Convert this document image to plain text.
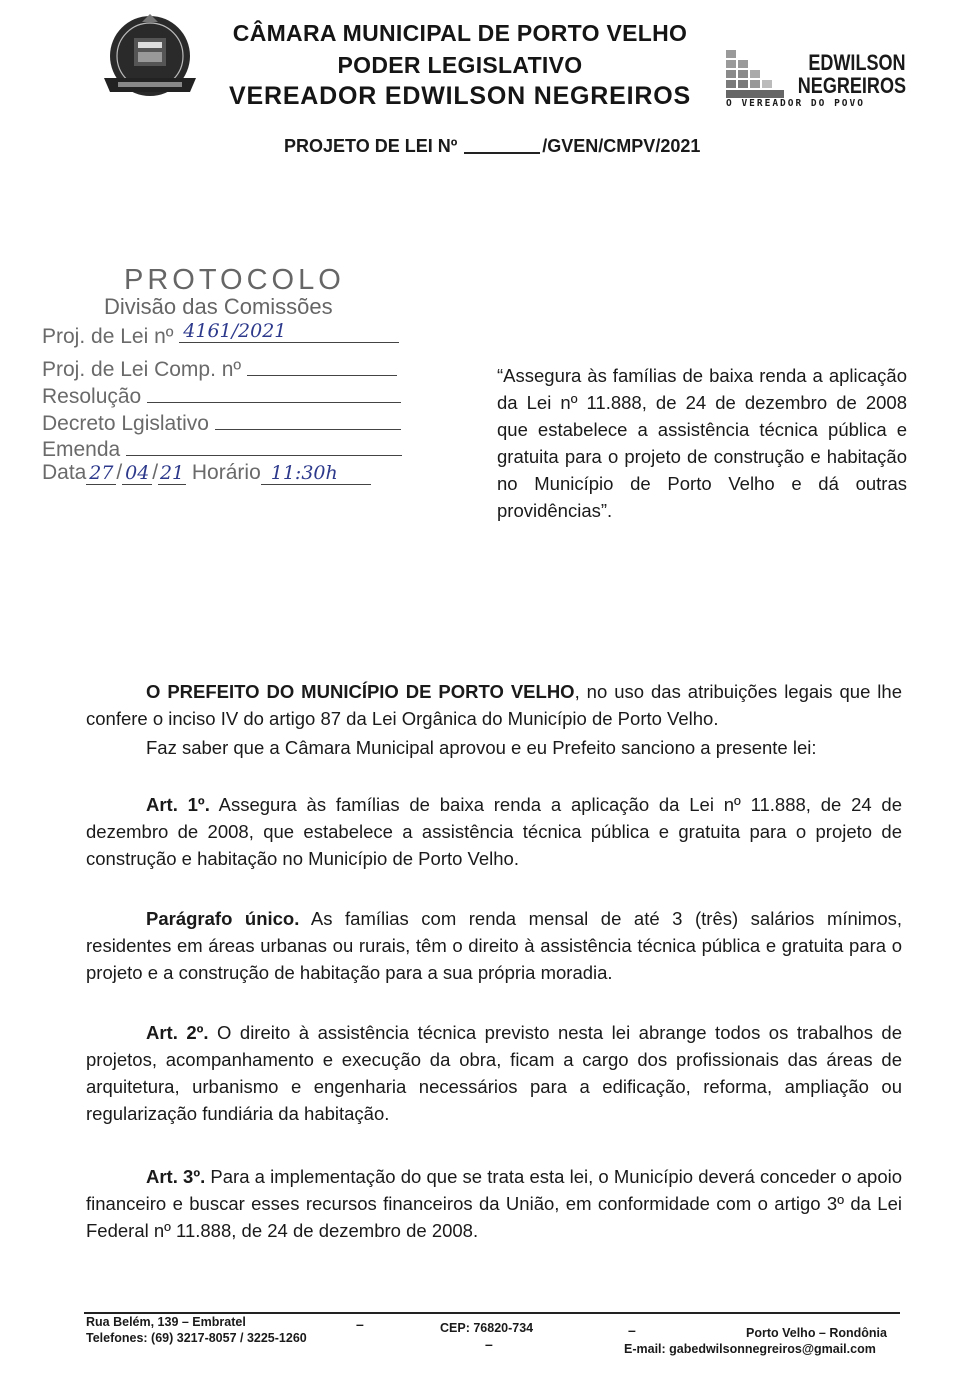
CÂMARA MUNICIPAL DE PORTO VELHO
PODER LEGISLATIVO
VEREADOR EDWILSON NEGREIROS
EDWILSON
NEGREIROS
O VEREADOR DO POVO
PROJETO DE LEI Nº	/GVEN/CMPV/2021
PROTOCOLO
Divisão das Comissões
Proj. de Lei nº 4161/2021
Proj. de Lei Comp. nº
Resolução
Decreto Lgislativo
Emenda
Data 27 / 04 / 21 Horário 11:30h
“Assegura às famílias de baixa renda a aplicação da Lei nº 11.888, de 24 de dezembro de 2008 que estabelece a assistência técnica pública e gratuita para o projeto de construção e habitação no Município de Porto Velho e dá outras providências”.
O PREFEITO DO MUNICÍPIO DE PORTO VELHO, no uso das atribuições legais que lhe confere o inciso IV do artigo 87 da Lei Orgânica do Município de Porto Velho.
Faz saber que a Câmara Municipal aprovou e eu Prefeito sanciono a presente lei:
Art. 1º. Assegura às famílias de baixa renda a aplicação da Lei nº 11.888, de 24 de dezembro de 2008, que estabelece a assistência técnica pública e gratuita para o projeto de construção e habitação no Município de Porto Velho.
Parágrafo único. As famílias com renda mensal de até 3 (três) salários mínimos, residentes em áreas urbanas ou rurais, têm o direito à assistência técnica pública e gratuita para o projeto e a construção de habitação para a sua própria moradia.
Art. 2º. O direito à assistência técnica previsto nesta lei abrange todos os trabalhos de projetos, acompanhamento e execução da obra, ficam a cargo dos profissionais das áreas de arquitetura, urbanismo e engenharia necessários para a edificação, reforma, ampliação ou regularização fundiária da habitação.
Art. 3º. Para a implementação do que se trata esta lei, o Município deverá conceder o apoio financeiro e buscar esses recursos financeiros da União, em conformidade com o artigo 3º da Lei Federal nº 11.888, de 24 de dezembro de 2008.
Rua Belém, 139 – Embratel
Telefones: (69) 3217-8057 / 3225-1260
–	CEP: 76820-734
–
–	Porto Velho – Rondônia
E-mail: gabedwilsonnegreiros@gmail.com
